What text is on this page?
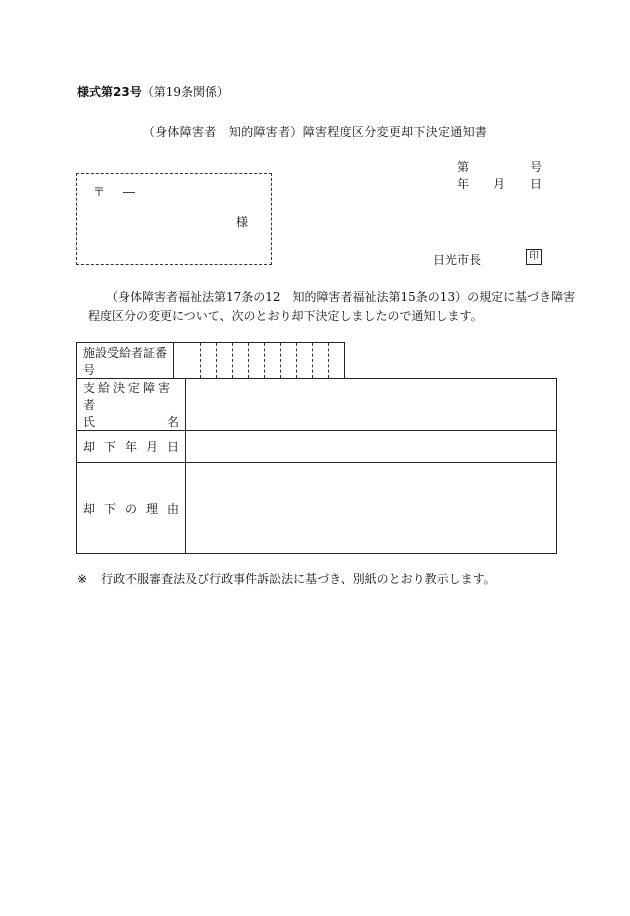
様式第23号（第19条関係）
（身体障害者　知的障害者）障害程度区分変更却下決定通知書
〒 ―
様
第	号
年 月 日
日光市長	印
（身体障害者福祉法第17条の12　知的障害者福祉法第15条の13）の規定に基づき障害
程度区分の変更について、次のとおり却下決定しましたので通知します。
施設受給者証番号	
支給決定障害者
氏 名	

却 下 年 月 日	

却 下 の 理 由	

※ 行政不服審査法及び行政事件訴訟法に基づき、別紙のとおり教示します。
